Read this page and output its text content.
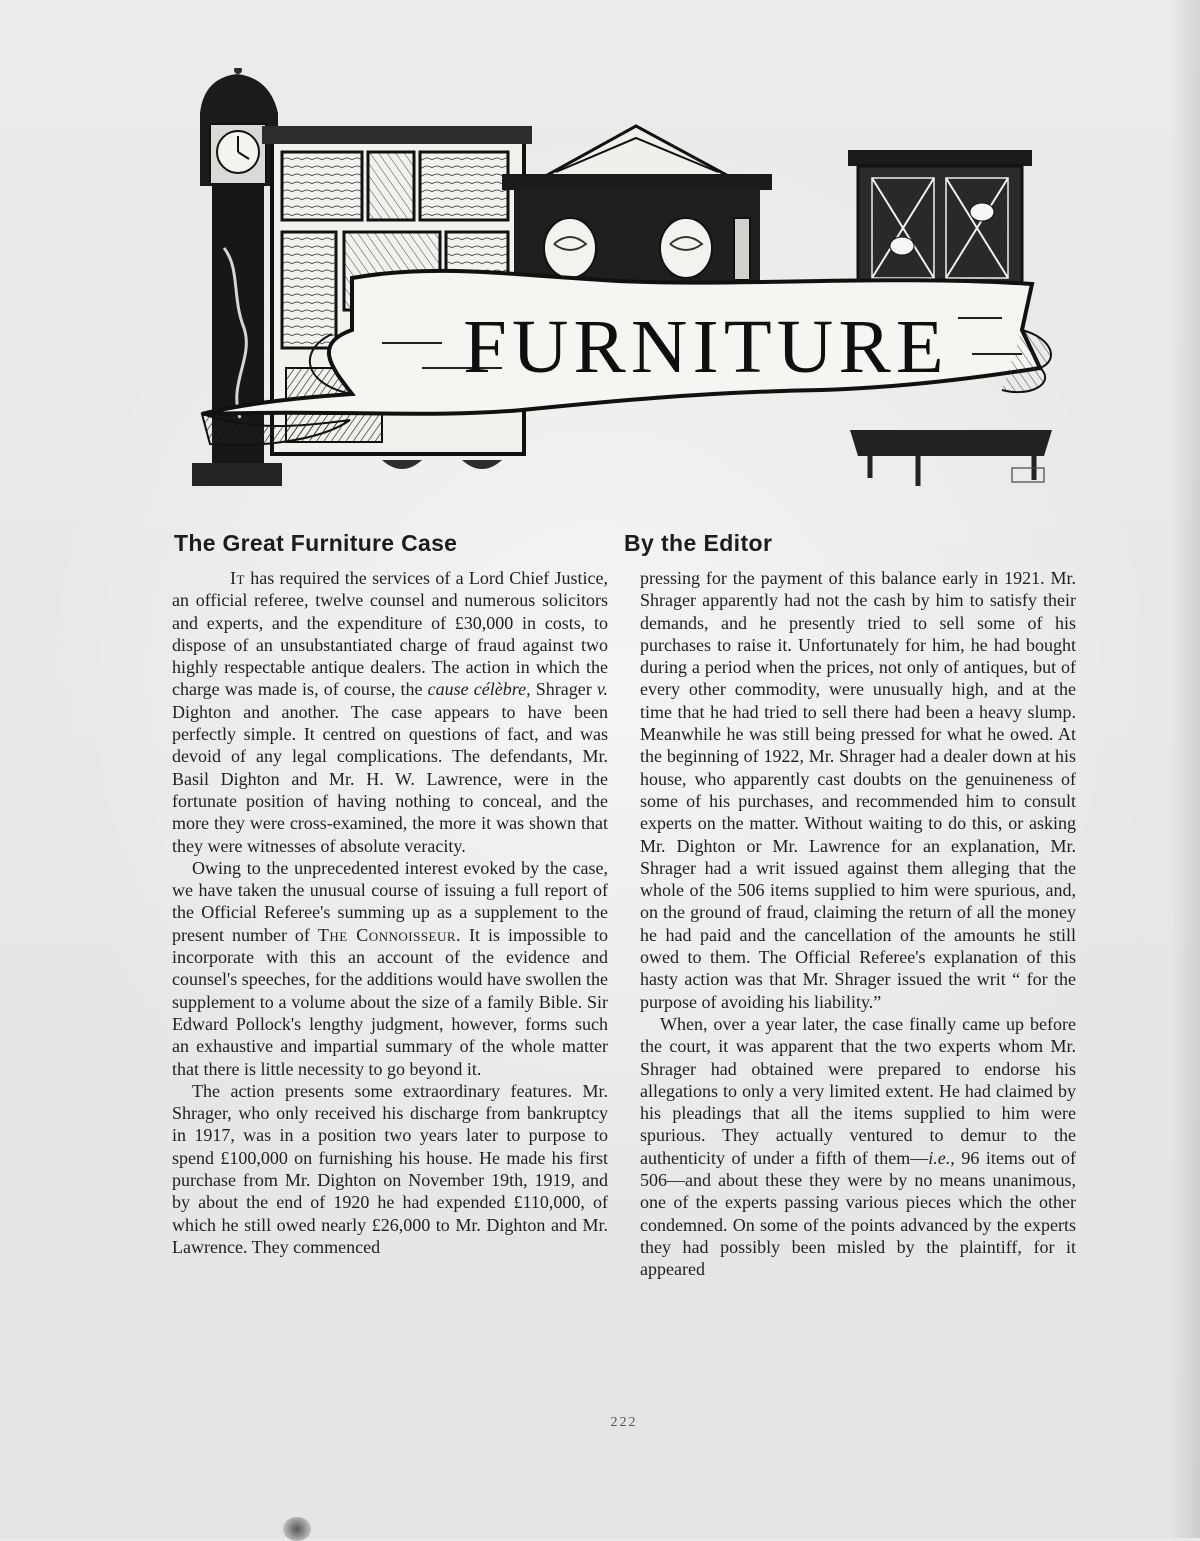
FURNITURE
The Great Furniture Case	By the Editor

It has required the services of a Lord Chief Justice, an official referee, twelve counsel and numerous solicitors and experts, and the expenditure of £30,000 in costs, to dispose of an unsubstantiated charge of fraud against two highly respectable antique dealers. The action in which the charge was made is, of course, the cause célèbre, Shrager v. Dighton and another. The case appears to have been perfectly simple. It centred on questions of fact, and was devoid of any legal complications. The defendants, Mr. Basil Dighton and Mr. H. W. Lawrence, were in the fortunate position of having nothing to conceal, and the more they were cross-examined, the more it was shown that they were witnesses of absolute veracity.

Owing to the unprecedented interest evoked by the case, we have taken the unusual course of issuing a full report of the Official Referee's summing up as a supplement to the present number of The Connoisseur. It is impossible to incorporate with this an account of the evidence and counsel's speeches, for the additions would have swollen the supplement to a volume about the size of a family Bible. Sir Edward Pollock's lengthy judgment, however, forms such an exhaustive and impartial summary of the whole matter that there is little necessity to go beyond it.

The action presents some extraordinary features. Mr. Shrager, who only received his discharge from bankruptcy in 1917, was in a position two years later to purpose to spend £100,000 on furnishing his house. He made his first purchase from Mr. Dighton on November 19th, 1919, and by about the end of 1920 he had expended £110,000, of which he still owed nearly £26,000 to Mr. Dighton and Mr. Lawrence. They commenced

pressing for the payment of this balance early in 1921. Mr. Shrager apparently had not the cash by him to satisfy their demands, and he presently tried to sell some of his purchases to raise it. Unfortunately for him, he had bought during a period when the prices, not only of antiques, but of every other commodity, were unusually high, and at the time that he had tried to sell there had been a heavy slump. Meanwhile he was still being pressed for what he owed. At the beginning of 1922, Mr. Shrager had a dealer down at his house, who apparently cast doubts on the genuineness of some of his purchases, and recommended him to consult experts on the matter. Without waiting to do this, or asking Mr. Dighton or Mr. Lawrence for an explanation, Mr. Shrager had a writ issued against them alleging that the whole of the 506 items supplied to him were spurious, and, on the ground of fraud, claiming the return of all the money he had paid and the cancellation of the amounts he still owed to them. The Official Referee's explanation of this hasty action was that Mr. Shrager issued the writ “ for the purpose of avoiding his liability.”

When, over a year later, the case finally came up before the court, it was apparent that the two experts whom Mr. Shrager had obtained were prepared to endorse his allegations to only a very limited extent. He had claimed by his pleadings that all the items supplied to him were spurious. They actually ventured to demur to the authenticity of under a fifth of them—i.e., 96 items out of 506—and about these they were by no means unanimous, one of the experts passing various pieces which the other condemned. On some of the points advanced by the experts they had possibly been misled by the plaintiff, for it appeared

222
